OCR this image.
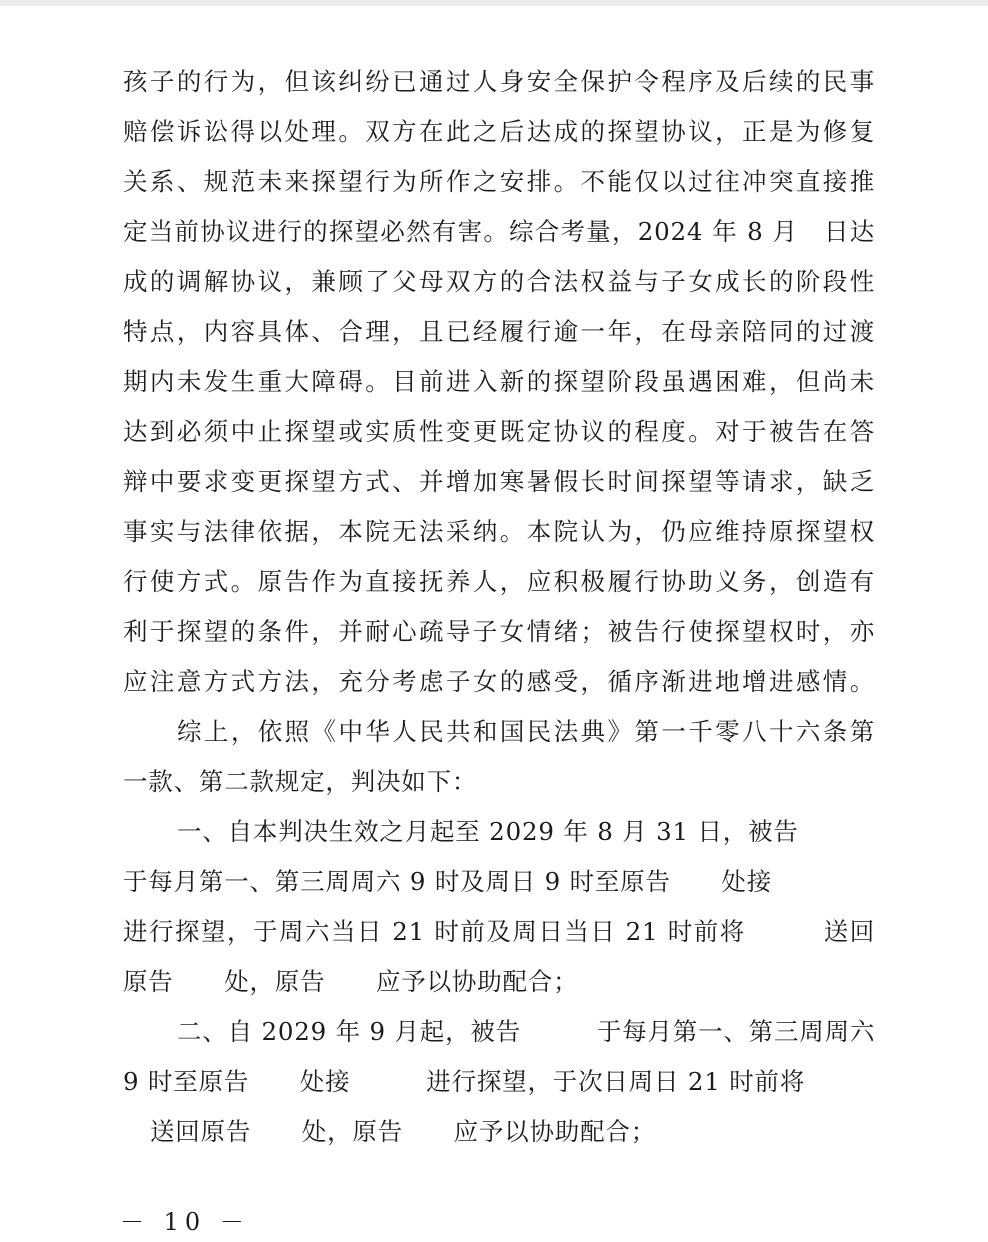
孩子的行为，但该纠纷已通过人身安全保护令程序及后续的民事
赔偿诉讼得以处理。双方在此之后达成的探望协议，正是为修复
关系、规范未来探望行为所作之安排。不能仅以过往冲突直接推
定当前协议进行的探望必然有害。综合考量，2024 年 8 月　日达
成的调解协议，兼顾了父母双方的合法权益与子女成长的阶段性
特点，内容具体、合理，且已经履行逾一年，在母亲陪同的过渡
期内未发生重大障碍。目前进入新的探望阶段虽遇困难，但尚未
达到必须中止探望或实质性变更既定协议的程度。对于被告在答
辩中要求变更探望方式、并增加寒暑假长时间探望等请求，缺乏
事实与法律依据，本院无法采纳。本院认为，仍应维持原探望权
行使方式。原告作为直接抚养人，应积极履行协助义务，创造有
利于探望的条件，并耐心疏导子女情绪；被告行使探望权时，亦
应注意方式方法，充分考虑子女的感受，循序渐进地增进感情。
综上，依照《中华人民共和国民法典》第一千零八十六条第
一款、第二款规定，判决如下：
一、自本判决生效之月起至 2029 年 8 月 31 日，被告
于每月第一、第三周周六 9 时及周日 9 时至原告　　处接
进行探望，于周六当日 21 时前及周日当日 21 时前将　　　送回
原告　　处，原告　　应予以协助配合；
二、自 2029 年 9 月起，被告　　　于每月第一、第三周周六
9 时至原告　　处接　　　进行探望，于次日周日 21 时前将
送回原告　　处，原告　　应予以协助配合；
－ 10 －
